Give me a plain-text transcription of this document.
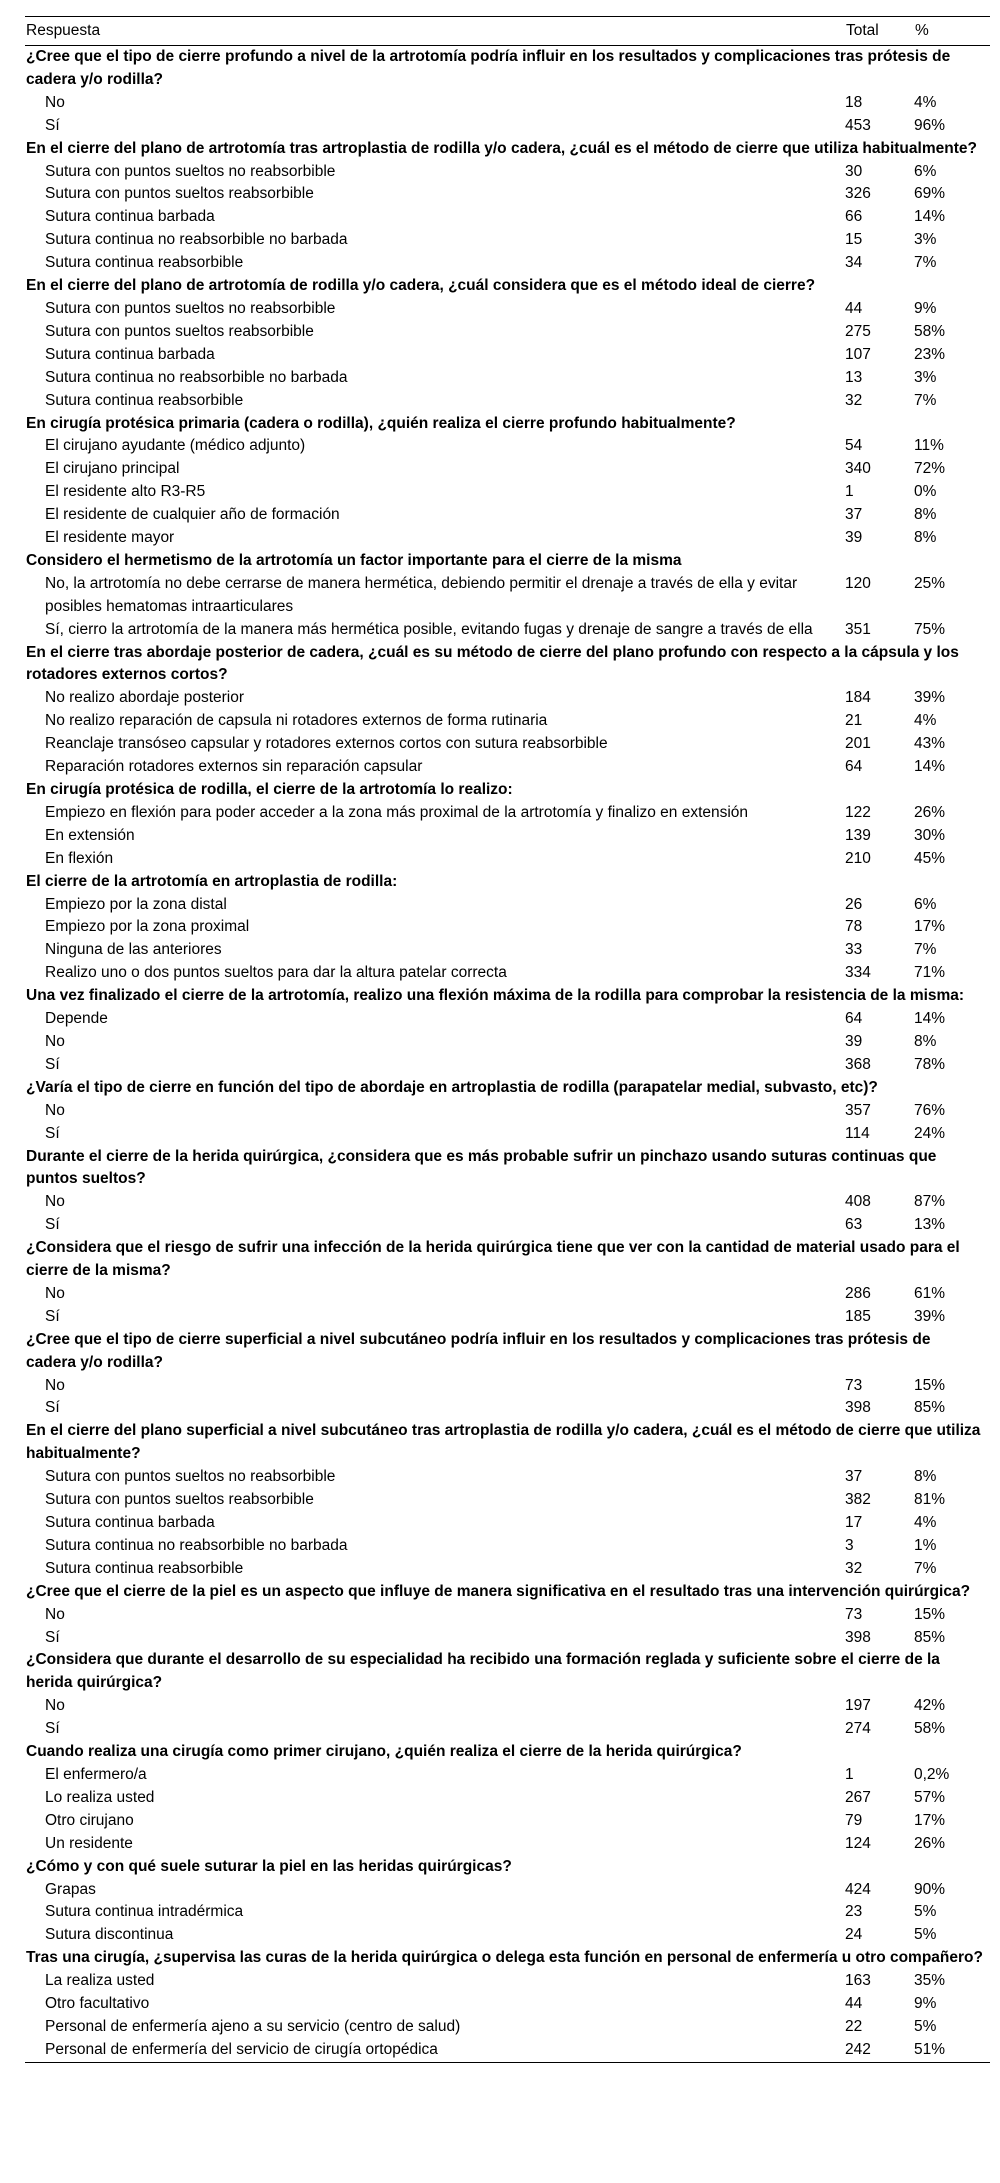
Respuesta	Total	%
¿Cree que el tipo de cierre profundo a nivel de la artrotomía podría influir en los resultados y complicaciones tras prótesis de cadera y/o rodilla?		
No	18	4%
Sí	453	96%
En el cierre del plano de artrotomía tras artroplastia de rodilla y/o cadera, ¿cuál es el método de cierre que utiliza habitualmente?		
Sutura con puntos sueltos no reabsorbible	30	6%
Sutura con puntos sueltos reabsorbible	326	69%
Sutura continua barbada	66	14%
Sutura continua no reabsorbible no barbada	15	3%
Sutura continua reabsorbible	34	7%
En el cierre del plano de artrotomía de rodilla y/o cadera, ¿cuál considera que es el método ideal de cierre?		
Sutura con puntos sueltos no reabsorbible	44	9%
Sutura con puntos sueltos reabsorbible	275	58%
Sutura continua barbada	107	23%
Sutura continua no reabsorbible no barbada	13	3%
Sutura continua reabsorbible	32	7%
En cirugía protésica primaria (cadera o rodilla), ¿quién realiza el cierre profundo habitualmente?		
El cirujano ayudante (médico adjunto)	54	11%
El cirujano principal	340	72%
El residente alto R3-R5	1	0%
El residente de cualquier año de formación	37	8%
El residente mayor	39	8%
Considero el hermetismo de la artrotomía un factor importante para el cierre de la misma		
No, la artrotomía no debe cerrarse de manera hermética, debiendo permitir el drenaje a través de ella y evitar posibles hematomas intraarticulares	120	25%
Sí, cierro la artrotomía de la manera más hermética posible, evitando fugas y drenaje de sangre a través de ella	351	75%
En el cierre tras abordaje posterior de cadera, ¿cuál es su método de cierre del plano profundo con respecto a la cápsula y los rotadores externos cortos?		
No realizo abordaje posterior	184	39%
No realizo reparación de capsula ni rotadores externos de forma rutinaria	21	4%
Reanclaje transóseo capsular y rotadores externos cortos con sutura reabsorbible	201	43%
Reparación rotadores externos sin reparación capsular	64	14%
En cirugía protésica de rodilla, el cierre de la artrotomía lo realizo:		
Empiezo en flexión para poder acceder a la zona más proximal de la artrotomía y finalizo en extensión	122	26%
En extensión	139	30%
En flexión	210	45%
El cierre de la artrotomía en artroplastia de rodilla:		
Empiezo por la zona distal	26	6%
Empiezo por la zona proximal	78	17%
Ninguna de las anteriores	33	7%
Realizo uno o dos puntos sueltos para dar la altura patelar correcta	334	71%
Una vez finalizado el cierre de la artrotomía, realizo una flexión máxima de la rodilla para comprobar la resistencia de la misma:		
Depende	64	14%
No	39	8%
Sí	368	78%
¿Varía el tipo de cierre en función del tipo de abordaje en artroplastia de rodilla (parapatelar medial, subvasto, etc)?		
No	357	76%
Sí	114	24%
Durante el cierre de la herida quirúrgica, ¿considera que es más probable sufrir un pinchazo usando suturas continuas que puntos sueltos?		
No	408	87%
Sí	63	13%
¿Considera que el riesgo de sufrir una infección de la herida quirúrgica tiene que ver con la cantidad de material usado para el cierre de la misma?		
No	286	61%
Sí	185	39%
¿Cree que el tipo de cierre superficial a nivel subcutáneo podría influir en los resultados y complicaciones tras prótesis de cadera y/o rodilla?		
No	73	15%
Sí	398	85%
En el cierre del plano superficial a nivel subcutáneo tras artroplastia de rodilla y/o cadera, ¿cuál es el método de cierre que utiliza habitualmente?		
Sutura con puntos sueltos no reabsorbible	37	8%
Sutura con puntos sueltos reabsorbible	382	81%
Sutura continua barbada	17	4%
Sutura continua no reabsorbible no barbada	3	1%
Sutura continua reabsorbible	32	7%
¿Cree que el cierre de la piel es un aspecto que influye de manera significativa en el resultado tras una intervención quirúrgica?		
No	73	15%
Sí	398	85%
¿Considera que durante el desarrollo de su especialidad ha recibido una formación reglada y suficiente sobre el cierre de la herida quirúrgica?		
No	197	42%
Sí	274	58%
Cuando realiza una cirugía como primer cirujano, ¿quién realiza el cierre de la herida quirúrgica?		
El enfermero/a	1	0,2%
Lo realiza usted	267	57%
Otro cirujano	79	17%
Un residente	124	26%
¿Cómo y con qué suele suturar la piel en las heridas quirúrgicas?		
Grapas	424	90%
Sutura continua intradérmica	23	5%
Sutura discontinua	24	5%
Tras una cirugía, ¿supervisa las curas de la herida quirúrgica o delega esta función en personal de enfermería u otro compañero?		
La realiza usted	163	35%
Otro facultativo	44	9%
Personal de enfermería ajeno a su servicio (centro de salud)	22	5%
Personal de enfermería del servicio de cirugía ortopédica	242	51%
